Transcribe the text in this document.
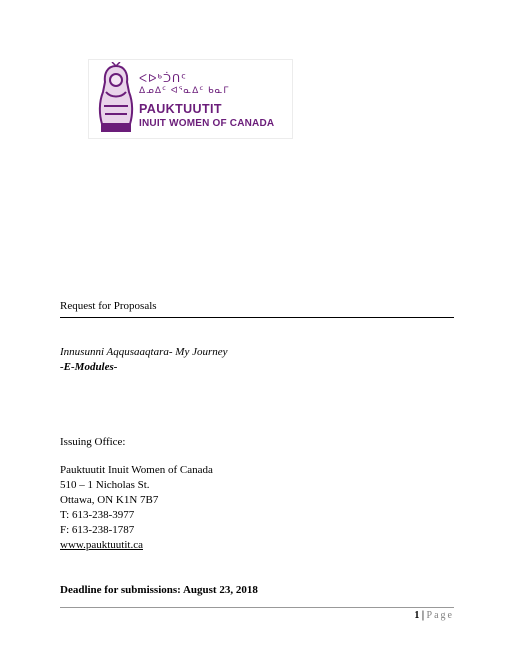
ᐸᐅᒃᑑᑎᑦ
ᐃᓄᐃᑦ ᐊᕐᓇᐃᑦ ᑲᓇᒥ
PAUKTUUTIT
INUIT WOMEN OF CANADA
Request for Proposals
Innusunni Aqqusaaqtara- My Journey
-E-Modules-
Issuing Office:
Pauktuutit Inuit Women of Canada
510 – 1 Nicholas St.
Ottawa, ON K1N 7B7
T: 613-238-3977
F: 613-238-1787
www.pauktuutit.ca
Deadline for submissions: August 23, 2018
1 | Page
